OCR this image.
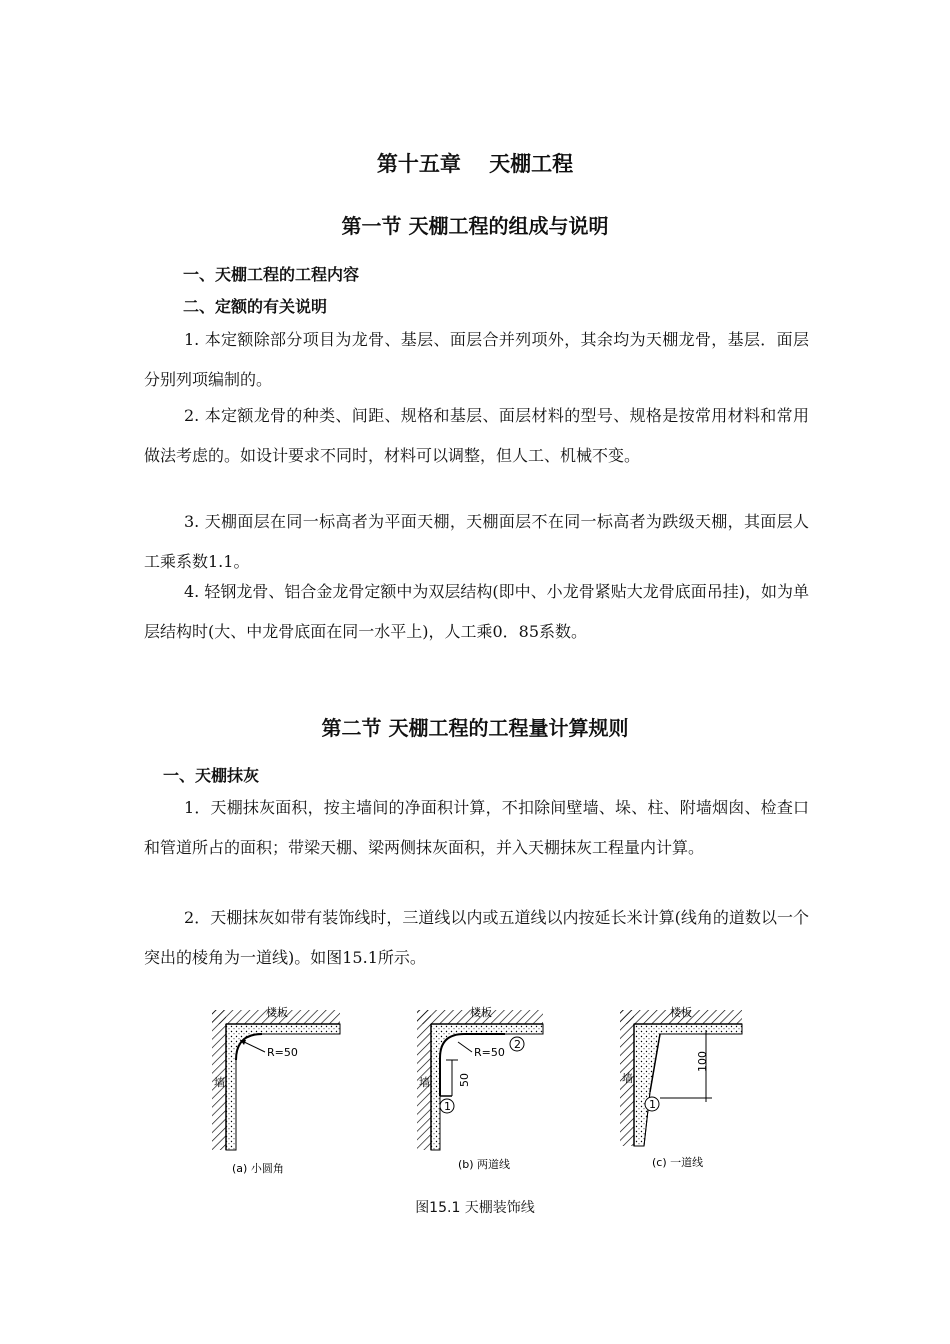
第十五章　 天棚工程
第一节 天棚工程的组成与说明
一、天棚工程的工程内容
二、定额的有关说明
1. 本定额除部分项目为龙骨、基层、面层合并列项外，其余均为天棚龙骨，基层．面层分别列项编制的。
2. 本定额龙骨的种类、间距、规格和基层、面层材料的型号、规格是按常用材料和常用做法考虑的。如设计要求不同时，材料可以调整，但人工、机械不变。
3. 天棚面层在同一标高者为平面天棚，天棚面层不在同一标高者为跌级天棚，其面层人工乘系数1.1。
4. 轻钢龙骨、铝合金龙骨定额中为双层结构(即中、小龙骨紧贴大龙骨底面吊挂)，如为单层结构时(大、中龙骨底面在同一水平上)，人工乘0．85系数。
第二节 天棚工程的工程量计算规则
一、天棚抹灰
1．天棚抹灰面积，按主墙间的净面积计算，不扣除间壁墙、垛、柱、附墙烟囱、检查口和管道所占的面积；带梁天棚、梁两侧抹灰面积，并入天棚抹灰工程量内计算。
2．天棚抹灰如带有装饰线时，三道线以内或五道线以内按延长米计算(线角的道数以一个突出的棱角为一道线)。如图15.1所示。
R=50
楼板
墙
(a) 小圆角
50
R=50
1
2
楼板
墙
(b) 两道线
100
1
楼板
墙
(c) 一道线
图15.1 天棚装饰线
